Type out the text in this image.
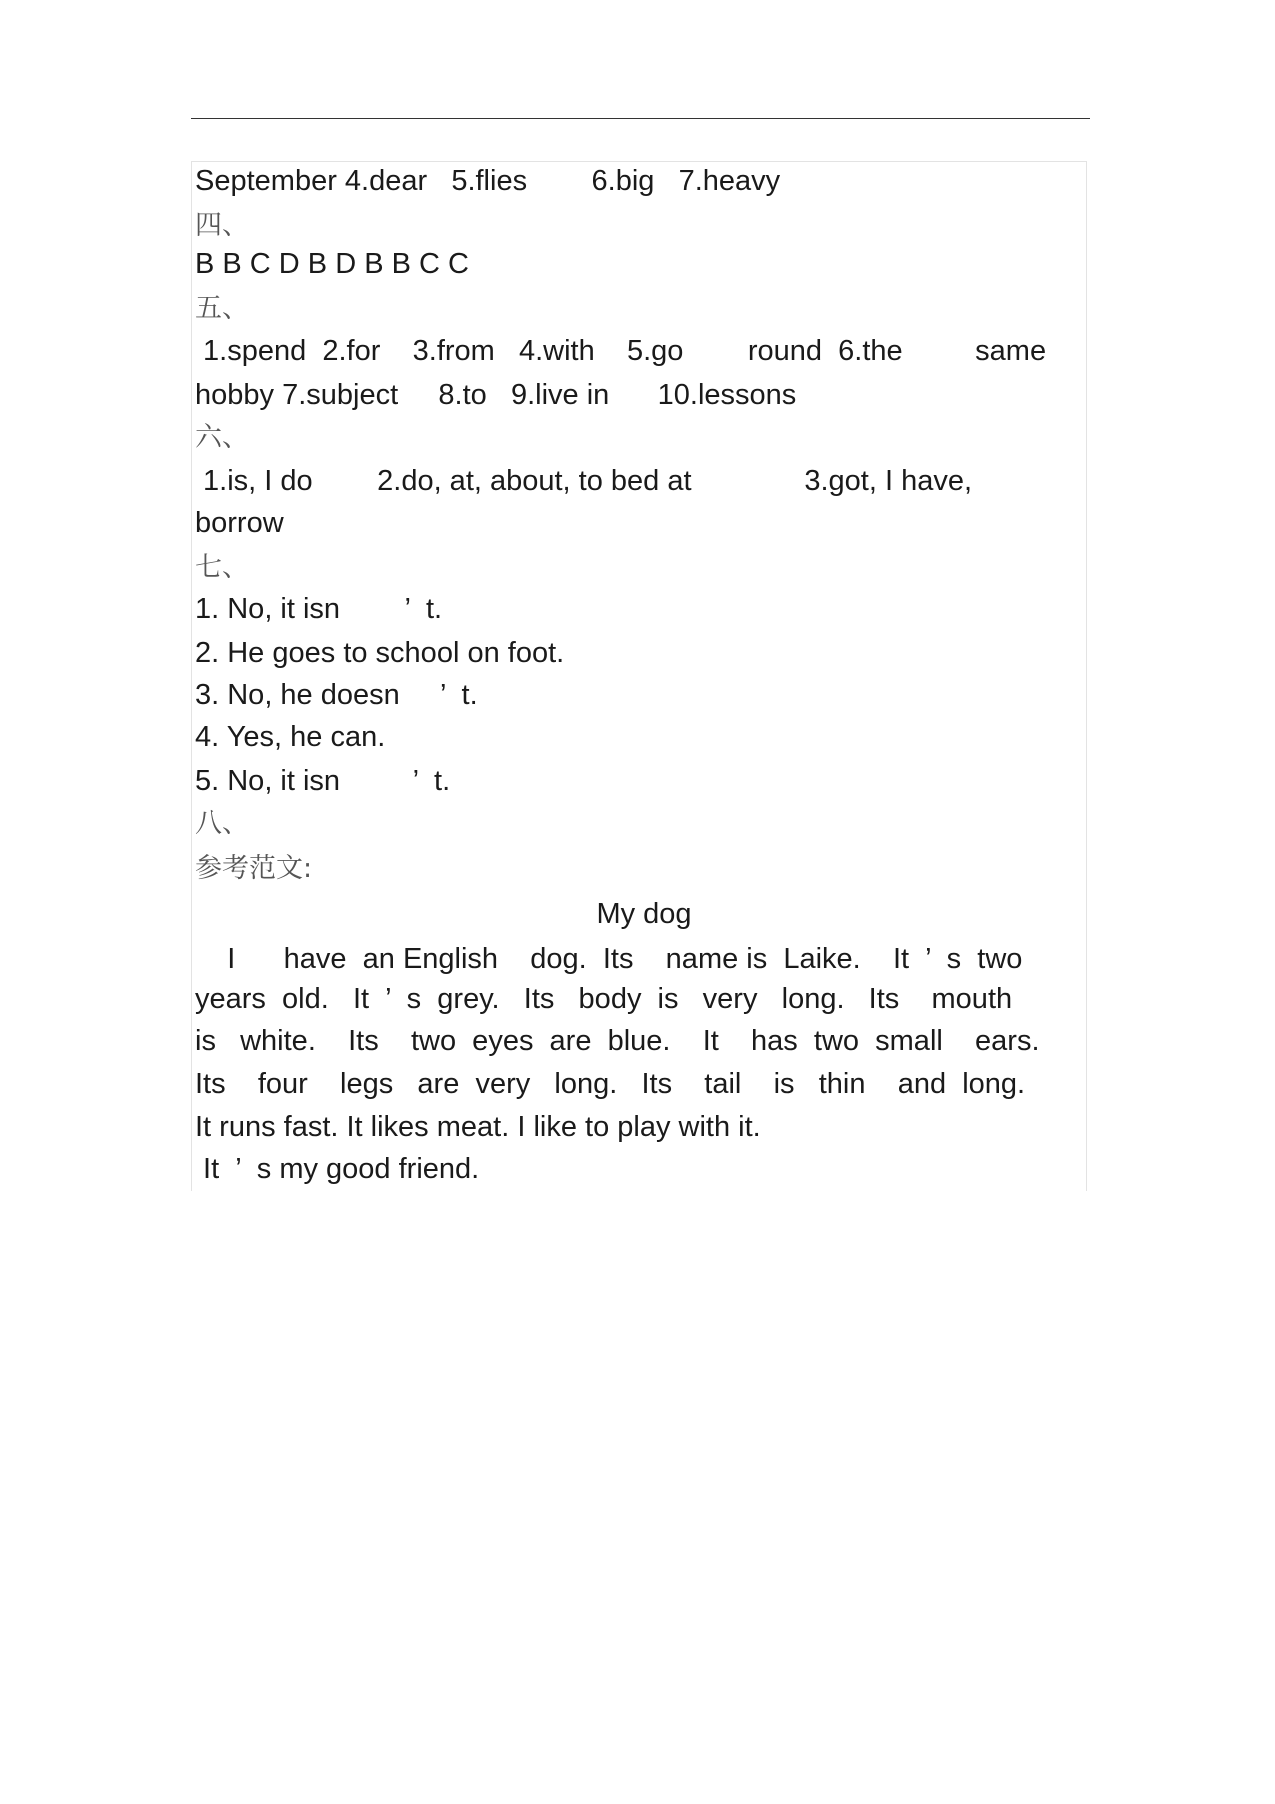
September 4.dear   5.flies        6.big   7.heavy
四、
B B C D B D B B C C
五、
1.spend  2.for    3.from   4.with    5.go        round  6.the         same
hobby 7.subject     8.to   9.live in      10.lessons
六、
1.is, I do        2.do, at, about, to bed at              3.got, I have,
borrow
七、
1. No, it isn        ’  t.
2. He goes to school on foot.
3. No, he doesn     ’  t.
4. Yes, he can.
5. No, it isn         ’  t.
八、
参考范文:
My dog
I      have  an English    dog.  Its    name is  Laike.    It  ’  s  two
years  old.   It  ’  s  grey.   Its   body  is   very   long.   Its    mouth
is   white.    Its    two  eyes  are  blue.    It    has  two  small    ears.
Its    four    legs   are  very   long.   Its    tail    is   thin    and  long.
It runs fast. It likes meat. I like to play with it.
It  ’  s my good friend.
